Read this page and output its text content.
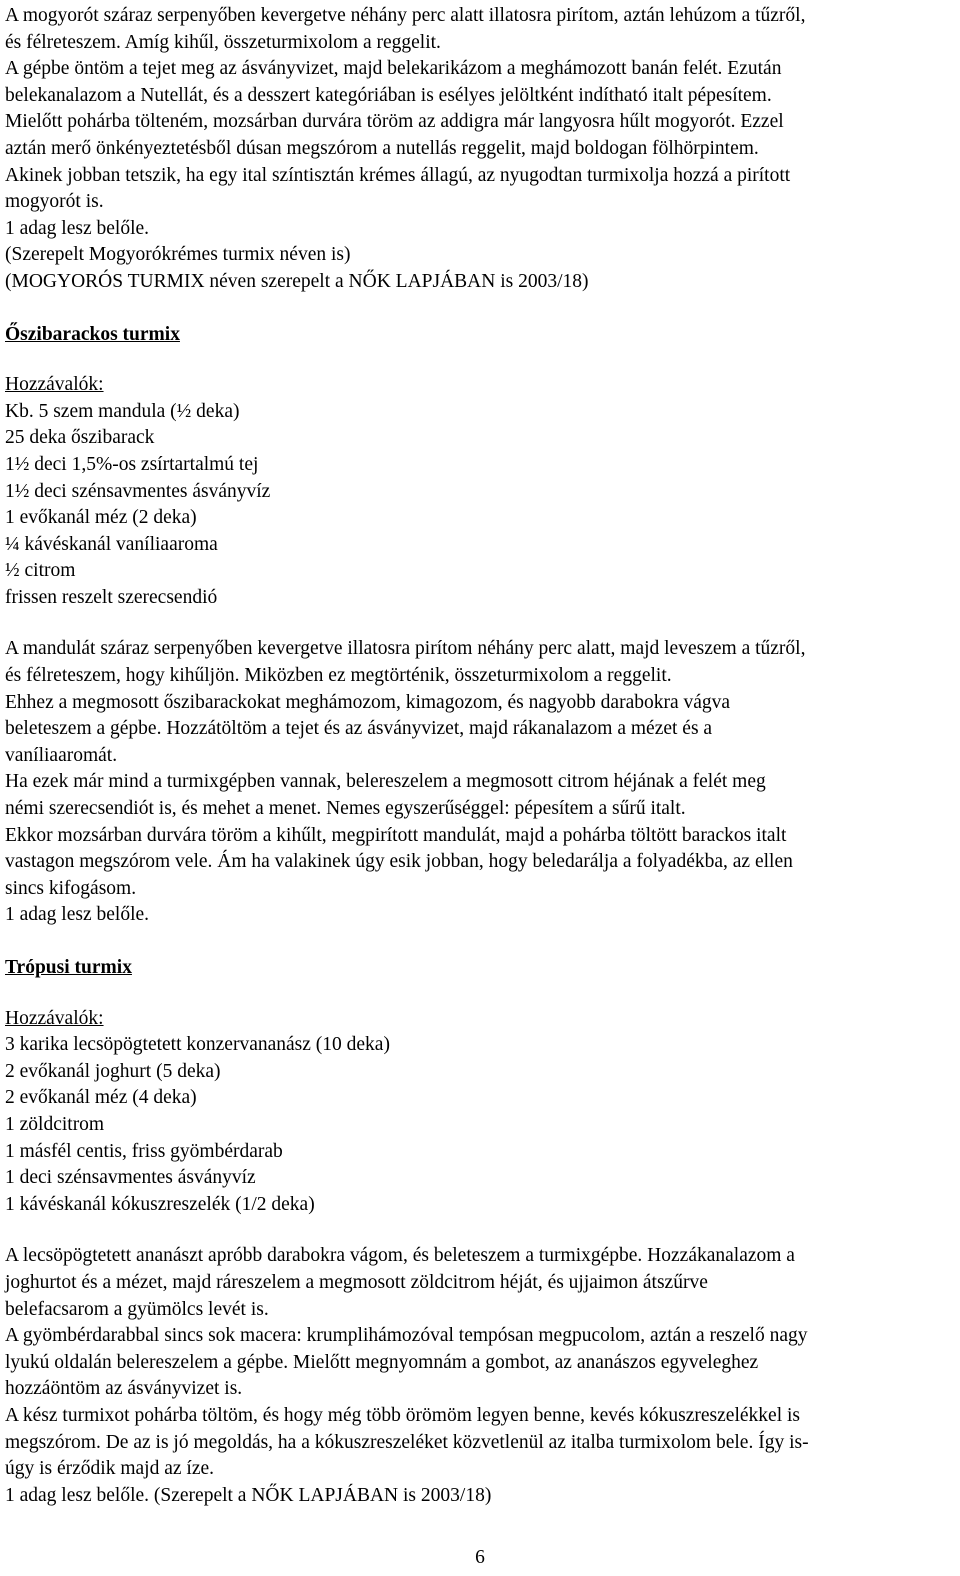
A mogyorót száraz serpenyőben kevergetve néhány perc alatt illatosra pirítom, aztán lehúzom a tűzről,
és félreteszem. Amíg kihűl, összeturmixolom a reggelit.
A gépbe öntöm a tejet meg az ásványvizet, majd belekarikázom a meghámozott banán felét. Ezután
belekanalazom a Nutellát, és a desszert kategóriában is esélyes jelöltként indítható italt pépesítem.
Mielőtt pohárba tölteném, mozsárban durvára töröm az addigra már langyosra hűlt mogyorót. Ezzel
aztán merő önkényeztetésből dúsan megszórom a nutellás reggelit, majd boldogan fölhörpintem.
Akinek jobban tetszik, ha egy ital színtisztán krémes állagú, az nyugodtan turmixolja hozzá a pirított
mogyorót is.
1 adag lesz belőle.
(Szerepelt Mogyorókrémes turmix néven is)
(MOGYORÓS TURMIX néven szerepelt a NŐK LAPJÁBAN is 2003/18)
Őszibarackos turmix
Hozzávalók:
Kb. 5 szem mandula (½ deka)
25 deka őszibarack
1½ deci 1,5%-os zsírtartalmú tej
1½ deci szénsavmentes ásványvíz
1 evőkanál méz (2 deka)
¼ kávéskanál vaníliaaroma
½ citrom
frissen reszelt szerecsendió
A mandulát száraz serpenyőben kevergetve illatosra pirítom néhány perc alatt, majd leveszem a tűzről,
és félreteszem, hogy kihűljön. Miközben ez megtörténik, összeturmixolom a reggelit.
Ehhez a megmosott őszibarackokat meghámozom, kimagozom, és nagyobb darabokra vágva
beleteszem a gépbe. Hozzátöltöm a tejet és az ásványvizet, majd rákanalazom a mézet és a
vaníliaaromát.
Ha ezek már mind a turmixgépben vannak, belereszelem a megmosott citrom héjának a felét meg
némi szerecsendiót is, és mehet a menet. Nemes egyszerűséggel: pépesítem a sűrű italt.
Ekkor mozsárban durvára töröm a kihűlt, megpirított mandulát, majd a pohárba töltött barackos italt
vastagon megszórom vele. Ám ha valakinek úgy esik jobban, hogy beledarálja a folyadékba, az ellen
sincs kifogásom.
1 adag lesz belőle.
Trópusi turmix
Hozzávalók:
3 karika lecsöpögtetett konzervananász (10 deka)
2 evőkanál joghurt (5 deka)
2 evőkanál méz (4 deka)
1 zöldcitrom
1 másfél centis, friss gyömbérdarab
1 deci szénsavmentes ásványvíz
1 kávéskanál kókuszreszelék (1/2 deka)
A lecsöpögtetett ananászt apróbb darabokra vágom, és beleteszem a turmixgépbe. Hozzákanalazom a
joghurtot és a mézet, majd ráreszelem a megmosott zöldcitrom héját, és ujjaimon átszűrve
belefacsarom a gyümölcs levét is.
A gyömbérdarabbal sincs sok macera: krumplihámozóval tempósan megpucolom, aztán a reszelő nagy
lyukú oldalán belereszelem a gépbe. Mielőtt megnyomnám a gombot, az ananászos egyveleghez
hozzáöntöm az ásványvizet is.
A kész turmixot pohárba töltöm, és hogy még több örömöm legyen benne, kevés kókuszreszelékkel is
megszórom. De az is jó megoldás, ha a kókuszreszeléket közvetlenül az italba turmixolom bele. Így is-
úgy is érződik majd az íze.
1 adag lesz belőle. (Szerepelt a NŐK LAPJÁBAN is 2003/18)
6
